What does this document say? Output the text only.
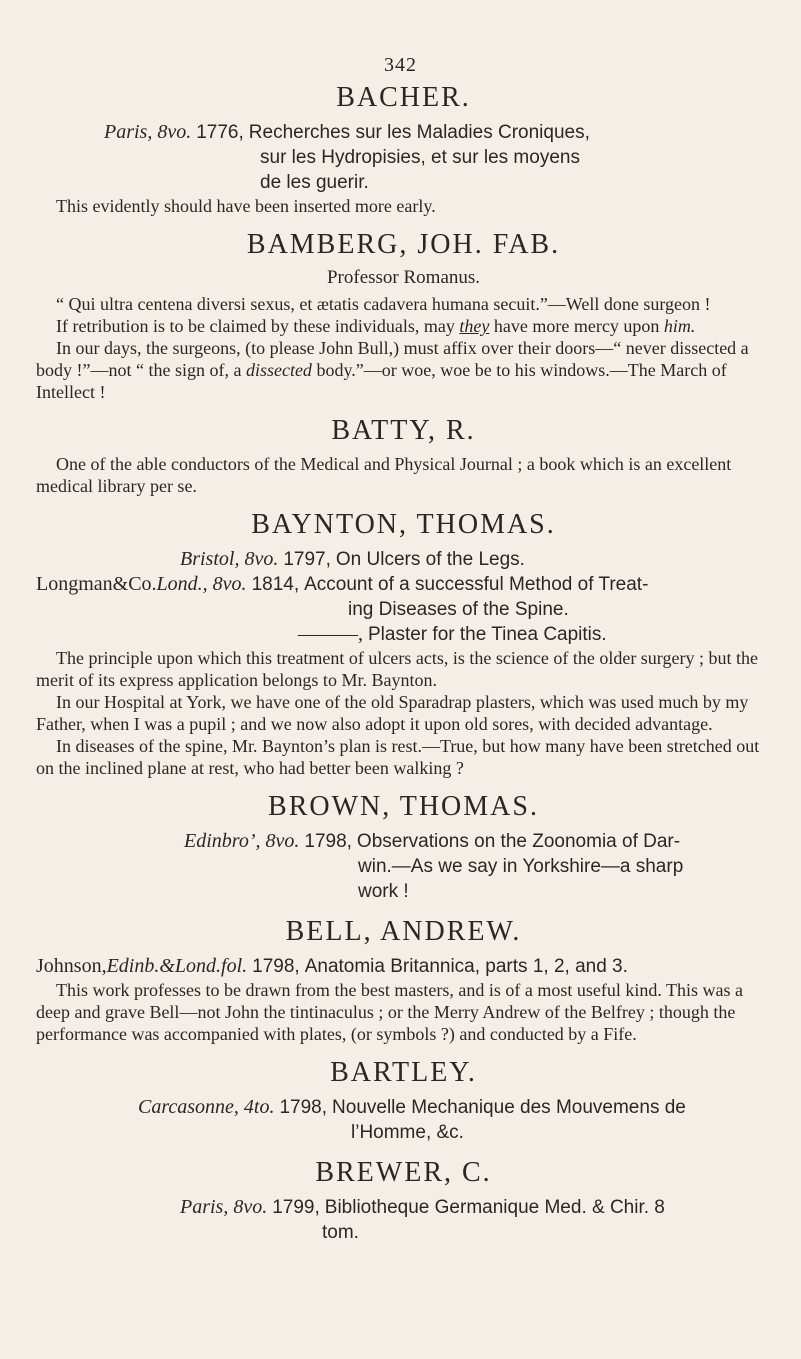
342
BACHER.
Paris, 8vo. 1776, Recherches sur les Maladies Croniques,
sur les Hydropisies, et sur les moyens
de les guerir.

This evidently should have been inserted more early.

BAMBERG, JOH. FAB.
Professor Romanus.

“ Qui ultra centena diversi sexus, et ætatis cadavera humana secuit.”—Well done surgeon !

If retribution is to be claimed by these individuals, may they have more mercy upon him.

In our days, the surgeons, (to please John Bull,) must affix over their doors—“ never dissected a body !”—not “ the sign of, a dissected body.”—or woe, woe be to his windows.—The March of Intellect !

BATTY, R.

One of the able conductors of the Medical and Physical Journal ; a book which is an excellent medical library per se.

BAYNTON, THOMAS.
Bristol, 8vo. 1797, On Ulcers of the Legs.
Longman&Co.Lond., 8vo. 1814, Account of a successful Method of Treat-
ing Diseases of the Spine.
———, Plaster for the Tinea Capitis.

The principle upon which this treatment of ulcers acts, is the science of the older surgery ; but the merit of its express application belongs to Mr. Baynton.

In our Hospital at York, we have one of the old Sparadrap plasters, which was used much by my Father, when I was a pupil ; and we now also adopt it upon old sores, with decided advantage.

In diseases of the spine, Mr. Baynton’s plan is rest.—True, but how many have been stretched out on the inclined plane at rest, who had better been walking ?

BROWN, THOMAS.
Edinbro’, 8vo. 1798, Observations on the Zoonomia of Dar-
win.—As we say in Yorkshire—a sharp
work !
BELL, ANDREW.
Johnson,Edinb.&Lond.fol. 1798, Anatomia Britannica, parts 1, 2, and 3.

This work professes to be drawn from the best masters, and is of a most useful kind. This was a deep and grave Bell—not John the tintinaculus ; or the Merry Andrew of the Belfrey ; though the performance was accompanied with plates, (or symbols ?) and conducted by a Fife.

BARTLEY.
Carcasonne, 4to. 1798, Nouvelle Mechanique des Mouvemens de
l’Homme, &c.
BREWER, C.
Paris, 8vo. 1799, Bibliotheque Germanique Med. & Chir. 8
tom.
